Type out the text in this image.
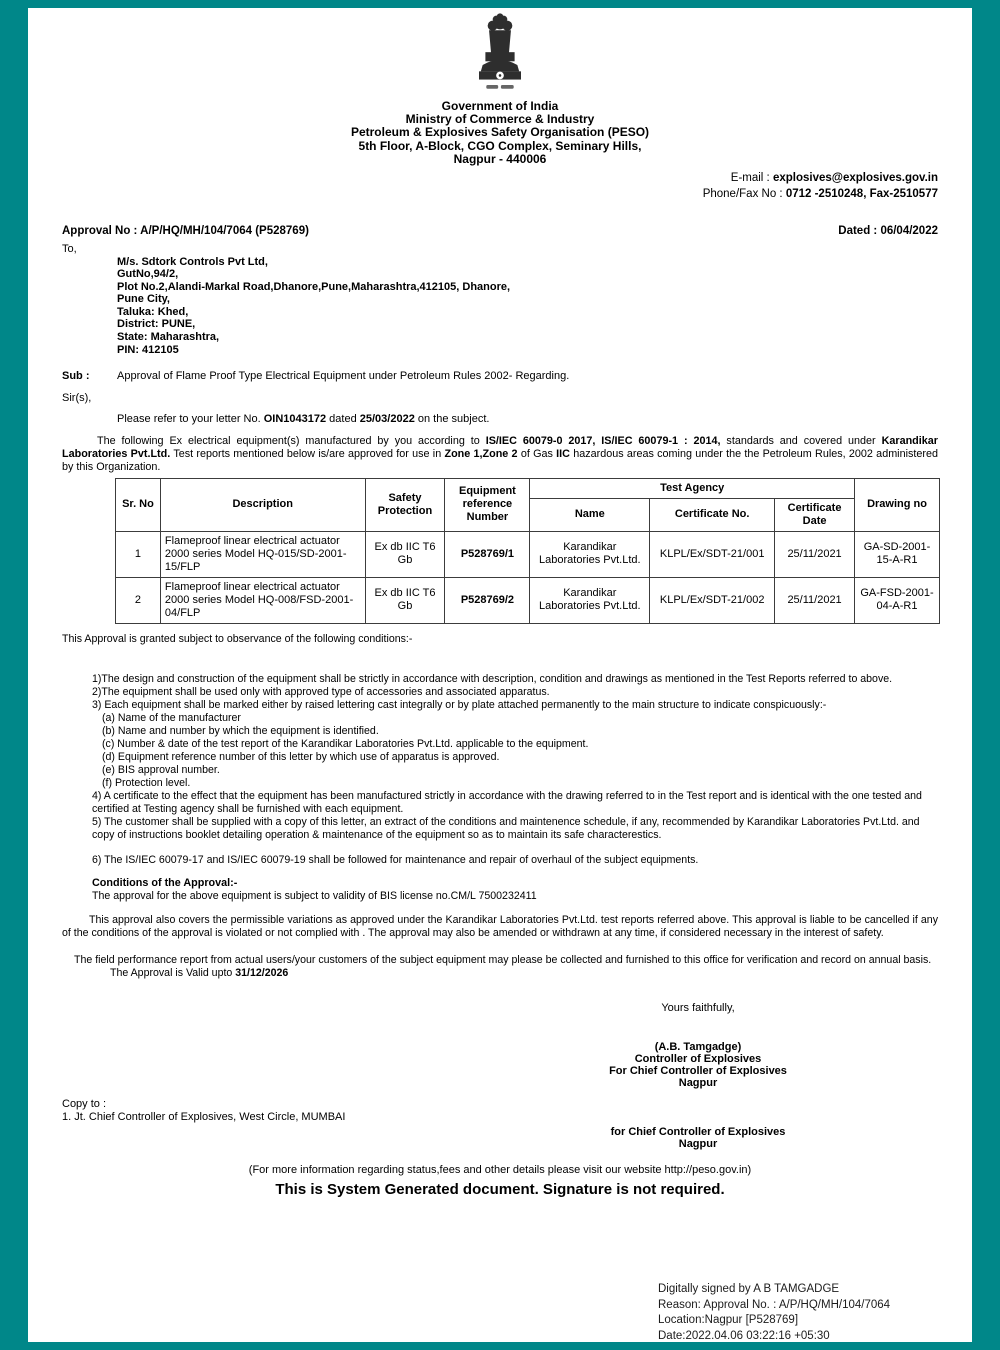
Government of India
Ministry of Commerce & Industry
Petroleum & Explosives Safety Organisation (PESO)
5th Floor, A-Block, CGO Complex, Seminary Hills,
Nagpur - 440006
E-mail : explosives@explosives.gov.in
Phone/Fax No : 0712 -2510248, Fax-2510577
Approval No : A/P/HQ/MH/104/7064 (P528769)	Dated : 06/04/2022
To,
M/s. Sdtork Controls Pvt Ltd,
GutNo,94/2,
Plot No.2,Alandi-Markal Road,Dhanore,Pune,Maharashtra,412105, Dhanore,
Pune City,
Taluka: Khed,
District: PUNE,
State: Maharashtra,
PIN: 412105
Sub :	Approval of Flame Proof Type Electrical Equipment under Petroleum Rules 2002- Regarding.
Sir(s),
Please refer to your letter No. OIN1043172 dated 25/03/2022 on the subject.
The following Ex electrical equipment(s) manufactured by you according to IS/IEC 60079-0 2017, IS/IEC 60079-1 : 2014, standards and covered under Karandikar Laboratories Pvt.Ltd. Test reports mentioned below is/are approved for use in Zone 1,Zone 2 of Gas IIC hazardous areas coming under the the Petroleum Rules, 2002 administered by this Organization.
Sr. No	Description	Safety Protection	Equipment reference Number	Test Agency			Drawing no
				Name	Certificate No.	Certificate Date	
1	Flameproof linear electrical actuator 2000 series Model HQ-015/SD-2001-15/FLP	Ex db IIC T6 Gb	P528769/1	Karandikar Laboratories Pvt.Ltd.	KLPL/Ex/SDT-21/001	25/11/2021	GA-SD-2001-15-A-R1
2	Flameproof linear electrical actuator 2000 series Model HQ-008/FSD-2001-04/FLP	Ex db IIC T6 Gb	P528769/2	Karandikar Laboratories Pvt.Ltd.	KLPL/Ex/SDT-21/002	25/11/2021	GA-FSD-2001-04-A-R1
This Approval is granted subject to observance of the following conditions:-
1)The design and construction of the equipment shall be strictly in accordance with description, condition and drawings as mentioned in the Test Reports referred to above.
2)The equipment shall be used only with approved type of accessories and associated apparatus.
3) Each equipment shall be marked either by raised lettering cast integrally or by plate attached permanently to the main structure to indicate conspicuously:-
(a) Name of the manufacturer
(b) Name and number by which the equipment is identified.
(c) Number & date of the test report of the Karandikar Laboratories Pvt.Ltd. applicable to the equipment.
(d) Equipment reference number of this letter by which use of apparatus is approved.
(e) BIS approval number.
(f) Protection level.
4) A certificate to the effect that the equipment has been manufactured strictly in accordance with the drawing referred to in the Test report and is identical with the one tested and certified at Testing agency shall be furnished with each equipment.
5) The customer shall be supplied with a copy of this letter, an extract of the conditions and maintenence schedule, if any, recommended by Karandikar Laboratories Pvt.Ltd. and copy of instructions booklet detailing operation & maintenance of the equipment so as to maintain its safe characterestics.
6) The IS/IEC 60079-17 and IS/IEC 60079-19 shall be followed for maintenance and repair of overhaul of the subject equipments.
Conditions of the Approval:-
The approval for the above equipment is subject to validity of BIS license no.CM/L 7500232411
This approval also covers the permissible variations as approved under the Karandikar Laboratories Pvt.Ltd. test reports referred above. This approval is liable to be cancelled if any of the conditions of the approval is violated or not complied with . The approval may also be amended or withdrawn at any time, if considered necessary in the interest of safety.
The field performance report from actual users/your customers of the subject equipment may please be collected and furnished to this office for verification and record on annual basis.
The Approval is Valid upto 31/12/2026
Yours faithfully,
(A.B. Tamgadge)
Controller of Explosives
For Chief Controller of Explosives
Nagpur
Copy to :
1. Jt. Chief Controller of Explosives, West Circle, MUMBAI
for Chief Controller of Explosives
Nagpur
(For more information regarding status,fees and other details please visit our website http://peso.gov.in)
This is System Generated document. Signature is not required.
Digitally signed by A B TAMGADGE
Reason: Approval No. : A/P/HQ/MH/104/7064
Location:Nagpur [P528769]
Date:2022.04.06 03:22:16 +05:30
